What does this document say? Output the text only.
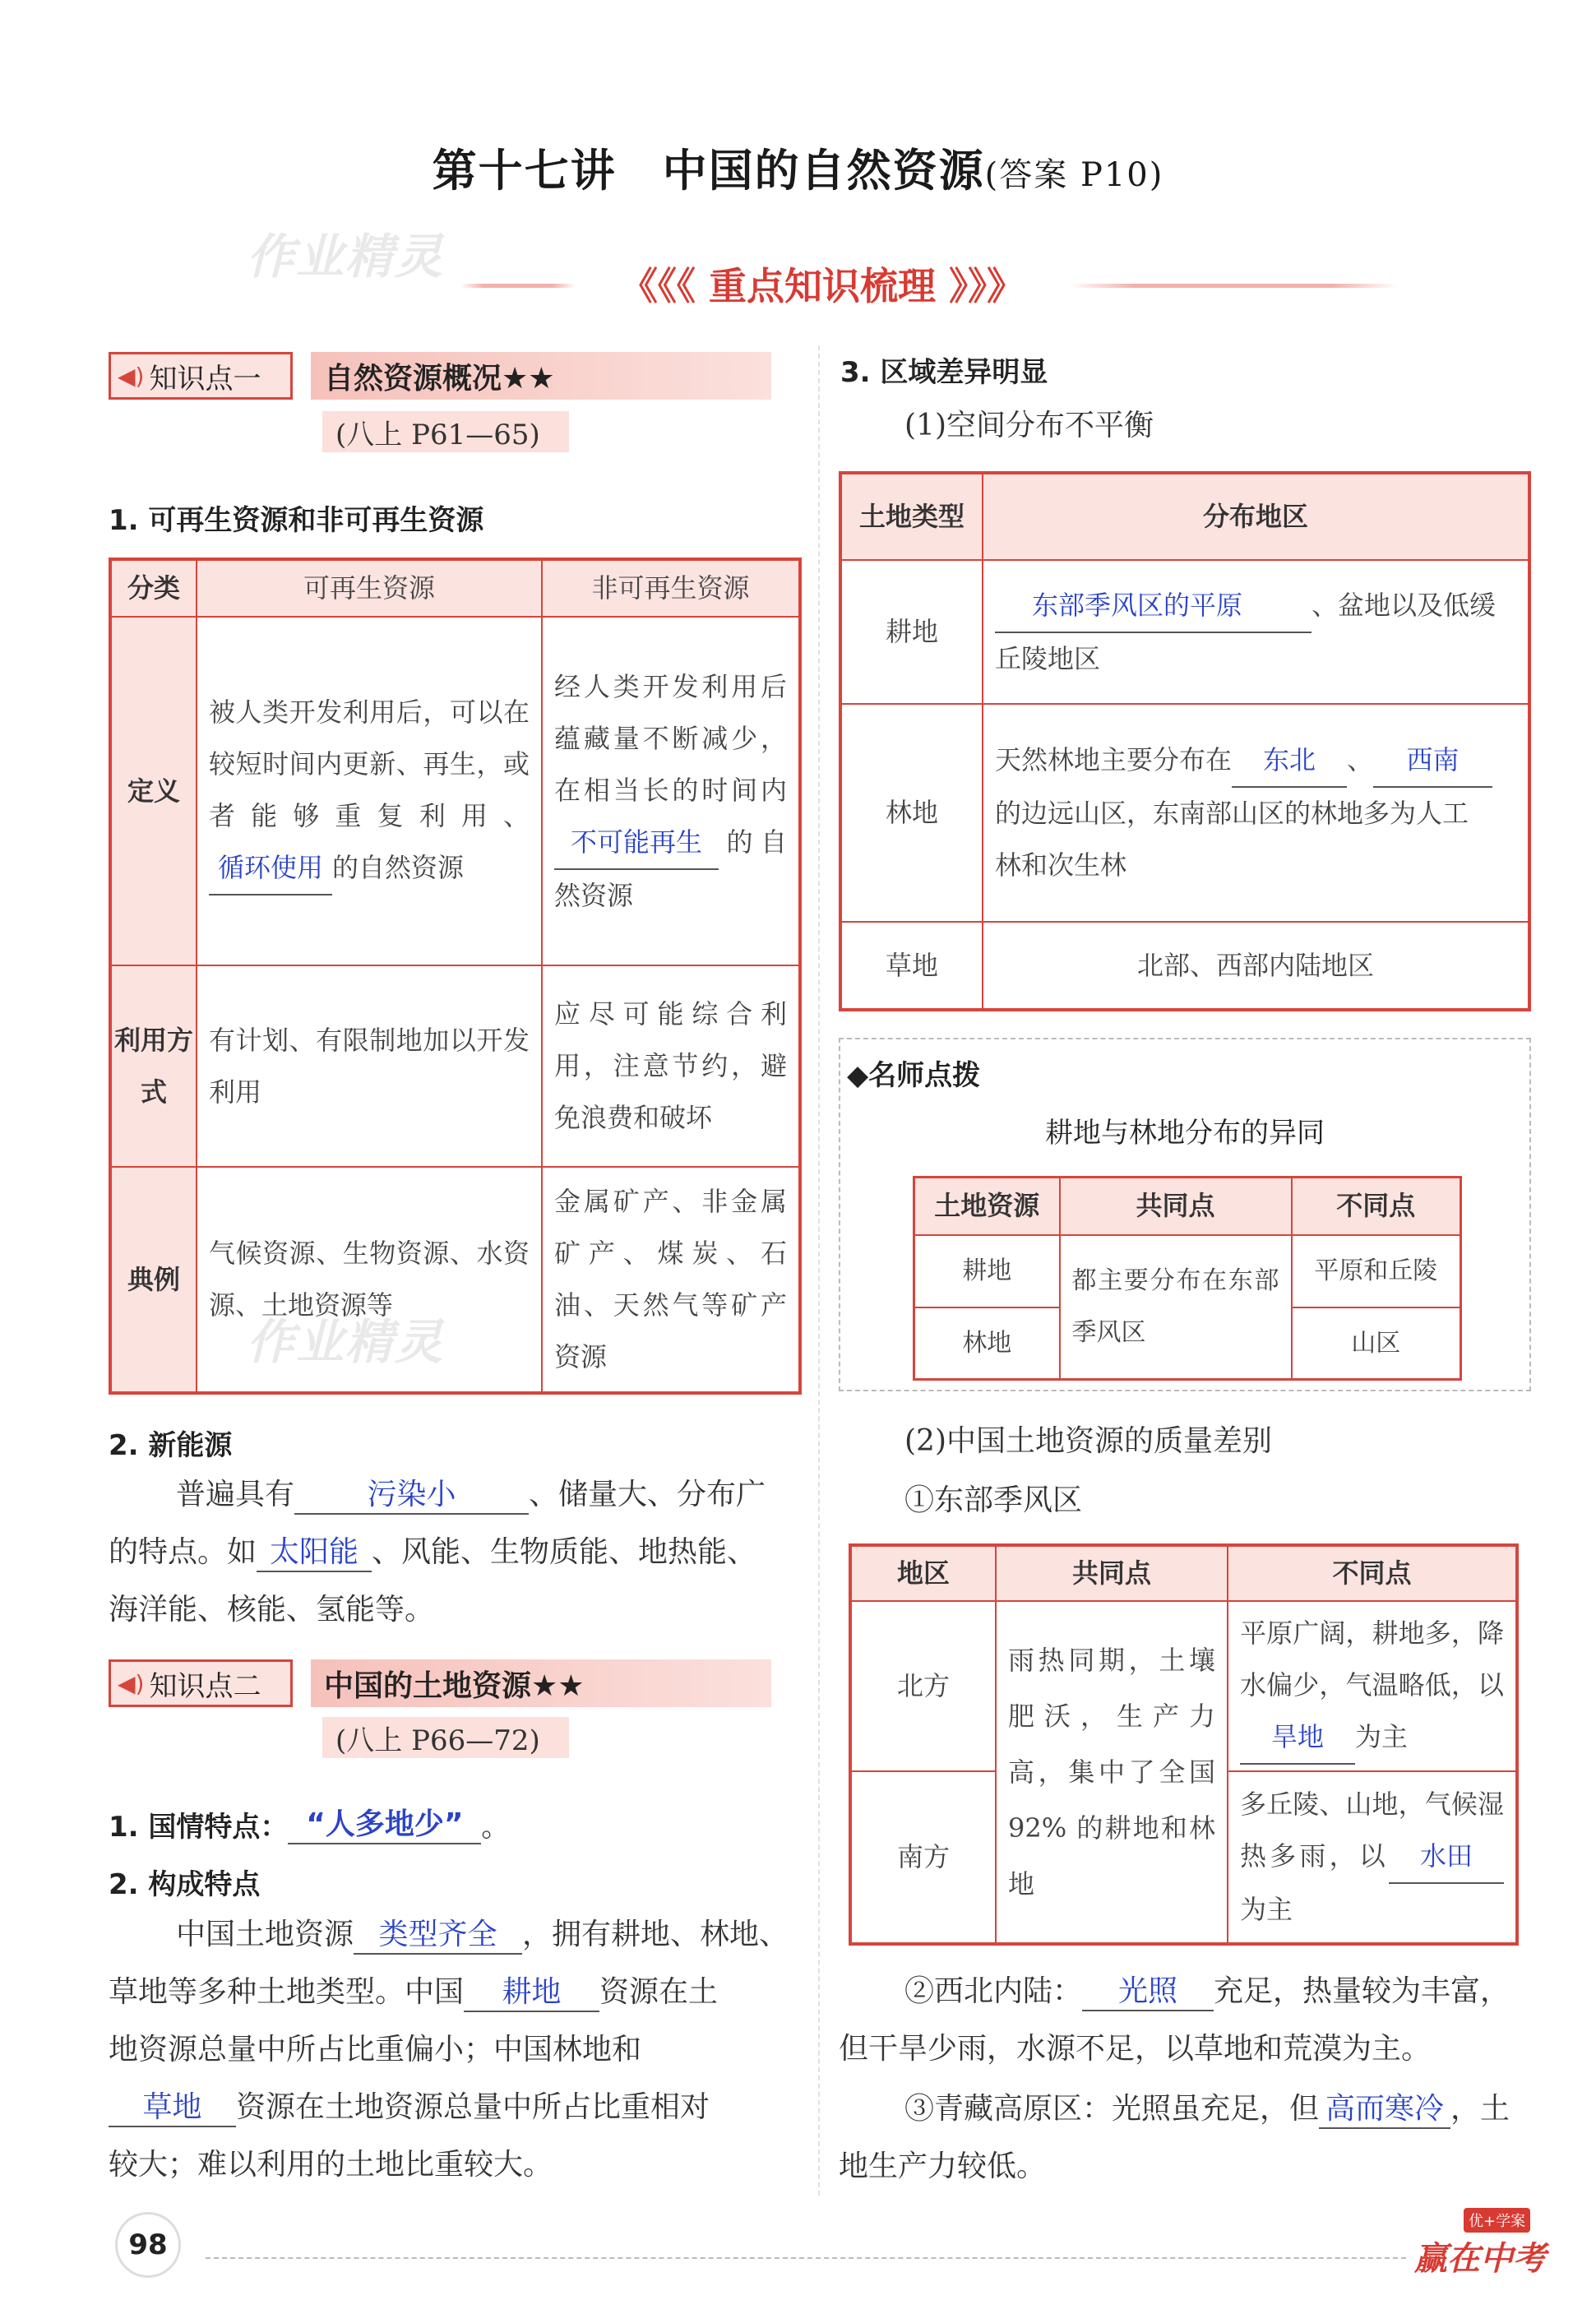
第十七讲　中国的自然资源(答案 P10)
作业精灵
《《《 重点知识梳理 》》》
◀) 知识点一	自然资源概况★★
(八上 P61—65)
1. 可再生资源和非可再生资源
分类	可再生资源	非可再生资源
定义	被人类开发利用后，可以在较短时间内更新、再生，或者能够重复利用、循环使用 的自然资源	经人类开发利用后蕴藏量不断减少，在相当长的时间内不可能再生 的自然资源
利用方式	有计划、有限制地加以开发利用	应尽可能综合利用，注意节约，避免浪费和破坏
典例	气候资源、生物资源、水资源、土地资源等	金属矿产、非金属矿产、煤炭、石油、天然气等矿产资源
作业精灵
2. 新能源
普遍具有 污染小 、储量大、分布广
的特点。如 太阳能 、风能、生物质能、地热能、
海洋能、核能、氢能等。
◀) 知识点二	中国的土地资源★★
(八上 P66—72)
1. 国情特点： “人多地少” 。
2. 构成特点
中国土地资源 类型齐全 ，拥有耕地、林地、
草地等多种土地类型。中国 耕地 资源在土
地资源总量中所占比重偏小；中国林地和
草地 资源在土地资源总量中所占比重相对
较大；难以利用的土地比重较大。
3. 区域差异明显
(1)空间分布不平衡
土地类型	分布地区
耕地	东部季风区的平原 、盆地以及低缓
丘陵地区

林地	天然林地主要分布在 东北 、 西南
的边远山区，东南部山区的林地多为人工
林和次生林

草地	北部、西部内陆地区
◆名师点拨
耕地与林地分布的异同
土地资源	共同点	不同点
耕地	都主要分布在东部季风区	平原和丘陵
林地		山区
(2)中国土地资源的质量差别
①东部季风区
地区	共同点	不同点
北方	雨热同期，土壤肥沃，生产力高，集中了全国 92% 的耕地和林地	平原广阔，耕地多，降水偏少，气温略低，以旱地 为主
南方		多丘陵、山地，气候湿热多雨，以 水田为主
②西北内陆： 光照 充足，热量较为丰富，
但干旱少雨，水源不足，以草地和荒漠为主。
③青藏高原区：光照虽充足，但 高而寒冷 ，土
地生产力较低。
98
优+学案
赢在中考
